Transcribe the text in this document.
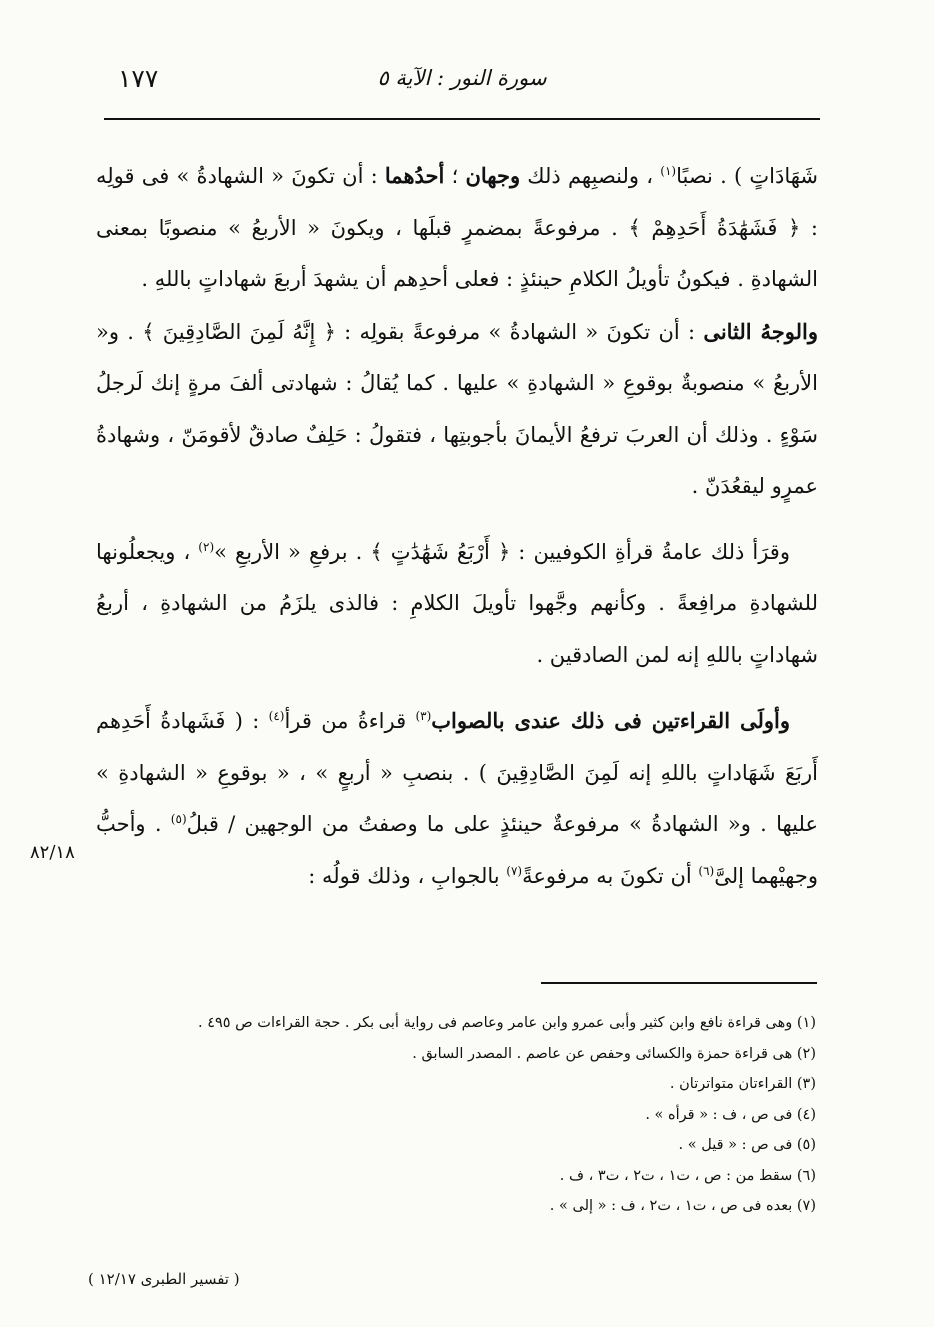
١٧٧	سورة النور : الآية ٥

شَهَادَاتٍ ) . نصبًا$^{(١)}$ ، ولنصبِهم ذلك وجهان ؛ أحدُهما : أن تكونَ « الشهادةُ » فى قولِه : ﴿ فَشَهَٰدَةُ أَحَدِهِمْ ﴾ . مرفوعةً بمضمرٍ قبلَها ، ويكونَ « الأربعُ » منصوبًا بمعنى الشهادةِ . فيكونُ تأويلُ الكلامِ حينئذٍ : فعلى أحدِهم أن يشهدَ أربعَ شهاداتٍ باللهِ .

والوجهُ الثانى : أن تكونَ « الشهادةُ » مرفوعةً بقولِه : ﴿ إِنَّهُ لَمِنَ الصَّادِقِينَ ﴾ . و« الأربعُ » منصوبةٌ بوقوعِ « الشهادةِ » عليها . كما يُقالُ : شهادتى ألفَ مرةٍ إنك لَرجلُ سَوْءٍ . وذلك أن العربَ ترفعُ الأيمانَ بأجوبتِها ، فتقولُ : حَلِفٌ صادقٌ لأقومَنّ ، وشهادةُ عمرٍو ليقعُدَنّ .

وقرَأ ذلك عامةُ قرأةِ الكوفيين : ﴿ أَرْبَعُ شَهَٰدَٰتٍ ﴾ . برفعِ « الأربعِ »$^{(٢)}$ ، ويجعلُونها للشهادةِ مرافِعةً . وكأنهم وجَّهوا تأويلَ الكلامِ : فالذى يلزَمُ من الشهادةِ ، أربعُ شهاداتٍ باللهِ إنه لمن الصادقين .

وأولَى القراءتين فى ذلك عندى بالصواب$^{(٣)}$ قراءةُ من قرأ$^{(٤)}$ : ( فَشَهادةُ أَحَدِهم أَربَعَ شَهَاداتٍ باللهِ إنه لَمِنَ الصَّادِقِينَ ) . بنصبِ « أربعٍ » ، « بوقوعِ « الشهادةِ » عليها . و« الشهادةُ » مرفوعةٌ حينئذٍ على ما وصفتُ من الوجهين / قبلُ$^{(٥)}$ . وأحبُّ وجهيْهما إلىَّ$^{(٦)}$ أن تكونَ به مرفوعةً$^{(٧)}$ بالجوابِ ، وذلك قولُه :

٨٢/١٨
(١) وهى قراءة نافع وابن كثير وأبى عمرو وابن عامر وعاصم فى رواية أبى بكر . حجة القراءات ص ٤٩٥ .
(٢) هى قراءة حمزة والكسائى وحفص عن عاصم . المصدر السابق .
(٣) القراءتان متواترتان .
(٤) فى ص ، ف : « قرأه » .
(٥) فى ص : « قيل » .
(٦) سقط من : ص ، ت١ ، ت٢ ، ت٣ ، ف .
(٧) بعده فى ص ، ت١ ، ت٢ ، ف : « إلى » .
( تفسير الطبرى ١٢/١٧ )
